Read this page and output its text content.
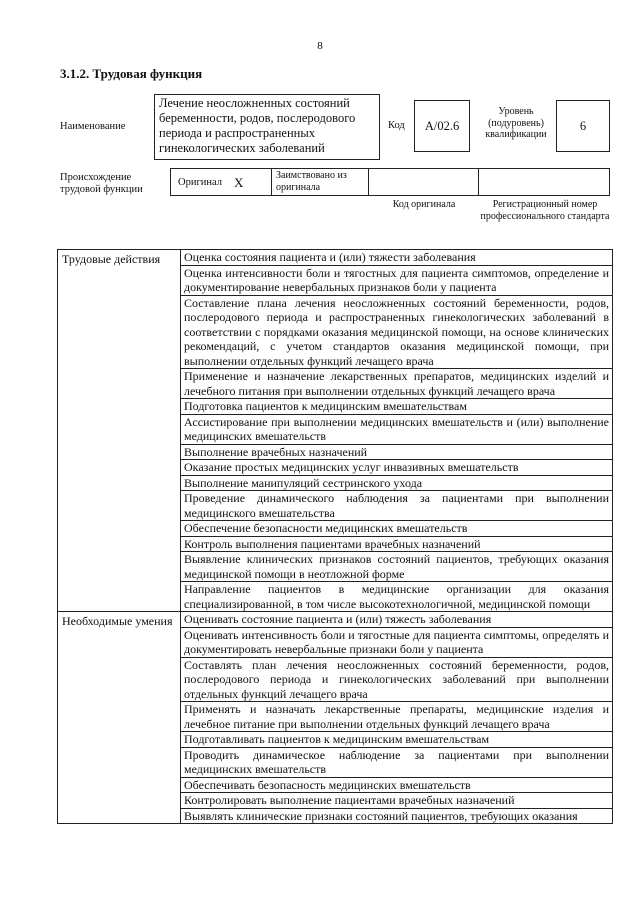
8
3.1.2. Трудовая функция
Наименование
Лечение неосложненных состояний беременности, родов, послеродового периода и распространенных гинекологических заболеваний
Код А/02.6
Уровень (подуровень) квалификации
6
Происхождение трудовой функции
Оригинал X	Заимствовано из оригинала
Код оригинала	Регистрационный номер профессионального стандарта
Трудовые действия	Оценка состояния пациента и (или) тяжести заболевания
	Оценка интенсивности боли и тягостных для пациента симптомов, определение и документирование невербальных признаков боли у пациента
	Составление плана лечения неосложненных состояний беременности, родов, послеродового периода и распространенных гинекологических заболеваний в соответствии с порядками оказания медицинской помощи, на основе клинических рекомендаций, с учетом стандартов оказания медицинской помощи, при выполнении отдельных функций лечащего врача
	Применение и назначение лекарственных препаратов, медицинских изделий и лечебного питания при выполнении отдельных функций лечащего врача
	Подготовка пациентов к медицинским вмешательствам
	Ассистирование при выполнении медицинских вмешательств и (или) выполнение медицинских вмешательств
	Выполнение врачебных назначений
	Оказание простых медицинских услуг инвазивных вмешательств
	Выполнение манипуляций сестринского ухода
	Проведение динамического наблюдения за пациентами при выполнении медицинского вмешательства
	Обеспечение безопасности медицинских вмешательств
	Контроль выполнения пациентами врачебных назначений
	Выявление клинических признаков состояний пациентов, требующих оказания медицинской помощи в неотложной форме
	Направление пациентов в медицинские организации для оказания специализированной, в том числе высокотехнологичной, медицинской помощи
Необходимые умения	Оценивать состояние пациента и (или) тяжесть заболевания
	Оценивать интенсивность боли и тягостные для пациента симптомы, определять и документировать невербальные признаки боли у пациента
	Составлять план лечения неосложненных состояний беременности, родов, послеродового периода и гинекологических заболеваний при выполнении отдельных функций лечащего врача
	Применять и назначать лекарственные препараты, медицинские изделия и лечебное питание при выполнении отдельных функций лечащего врача
	Подготавливать пациентов к медицинским вмешательствам
	Проводить динамическое наблюдение за пациентами при выполнении медицинских вмешательств
	Обеспечивать безопасность медицинских вмешательств
	Контролировать выполнение пациентами врачебных назначений
	Выявлять клинические признаки состояний пациентов, требующих оказания
